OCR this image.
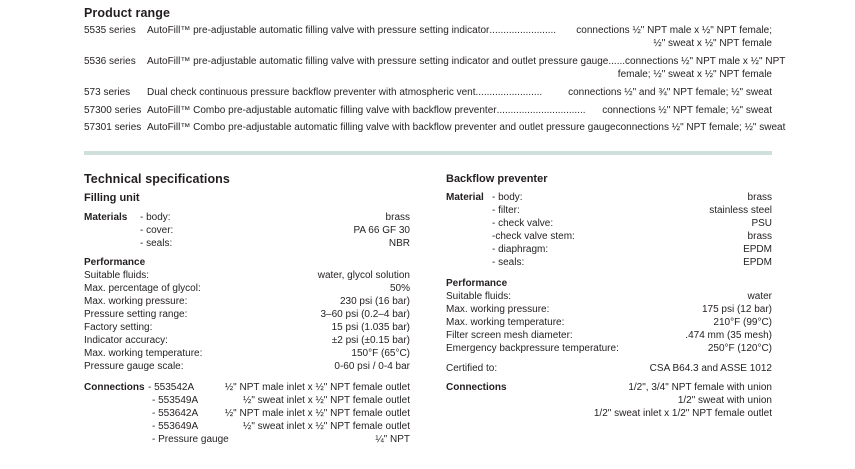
Product range
5535 series	AutoFill™ pre-adjustable automatic filling valve with pressure setting indicator ........................	connections ½" NPT male x ½" NPT female;
½" sweat x ½" NPT female
5536 series	AutoFill™ pre-adjustable automatic filling valve with pressure setting indicator and outlet pressure gauge ...... connections ½" NPT male x ½" NPT
female; ½" sweat x ½" NPT female
573 series	Dual check continuous pressure backflow preventer with atmospheric vent ........................	connections ½" and ¾" NPT female; ½" sweat
57300 series AutoFill™ Combo pre-adjustable automatic filling valve with backflow preventer ................................	connections ½" NPT female; ½" sweat
57301 series AutoFill™ Combo pre-adjustable automatic filling valve with backflow preventer and outlet pressure gauge connections ½" NPT female; ½" sweat
Technical specifications
Filling unit
Materials - body:	brass
- cover:	PA 66 GF 30
- seals:	NBR
Performance
Suitable fluids:	water, glycol solution
Max. percentage of glycol:	50%
Max. working pressure:	230 psi (16 bar)
Pressure setting range:	3–60 psi (0.2–4 bar)
Factory setting:	15 psi (1.035 bar)
Indicator accuracy:	±2 psi (±0.15 bar)
Max. working temperature:	150°F (65°C)
Pressure gauge scale:	0-60 psi / 0-4 bar
Connections - 553542A	½" NPT male inlet x ½" NPT female outlet
- 553549A	½" sweat inlet x ½" NPT female outlet
- 553642A	½" NPT male inlet x ½" NPT female outlet
- 553649A	½" sweat inlet x ½" NPT female outlet
- Pressure gauge	¼" NPT
Backflow preventer
Material - body:	brass
- filter:	stainless steel
- check valve:	PSU
-check valve stem:	brass
- diaphragm:	EPDM
- seals:	EPDM
Performance
Suitable fluids:	water
Max. working pressure:	175 psi (12 bar)
Max. working temperature:	210°F (99°C)
Filter screen mesh diameter:	.474 mm (35 mesh)
Emergency backpressure temperature:	250°F (120°C)
Certified to:	CSA B64.3 and ASSE 1012
Connections	1/2", 3/4" NPT female with union
1/2" sweat with union
1/2" sweat inlet x 1/2" NPT female outlet
